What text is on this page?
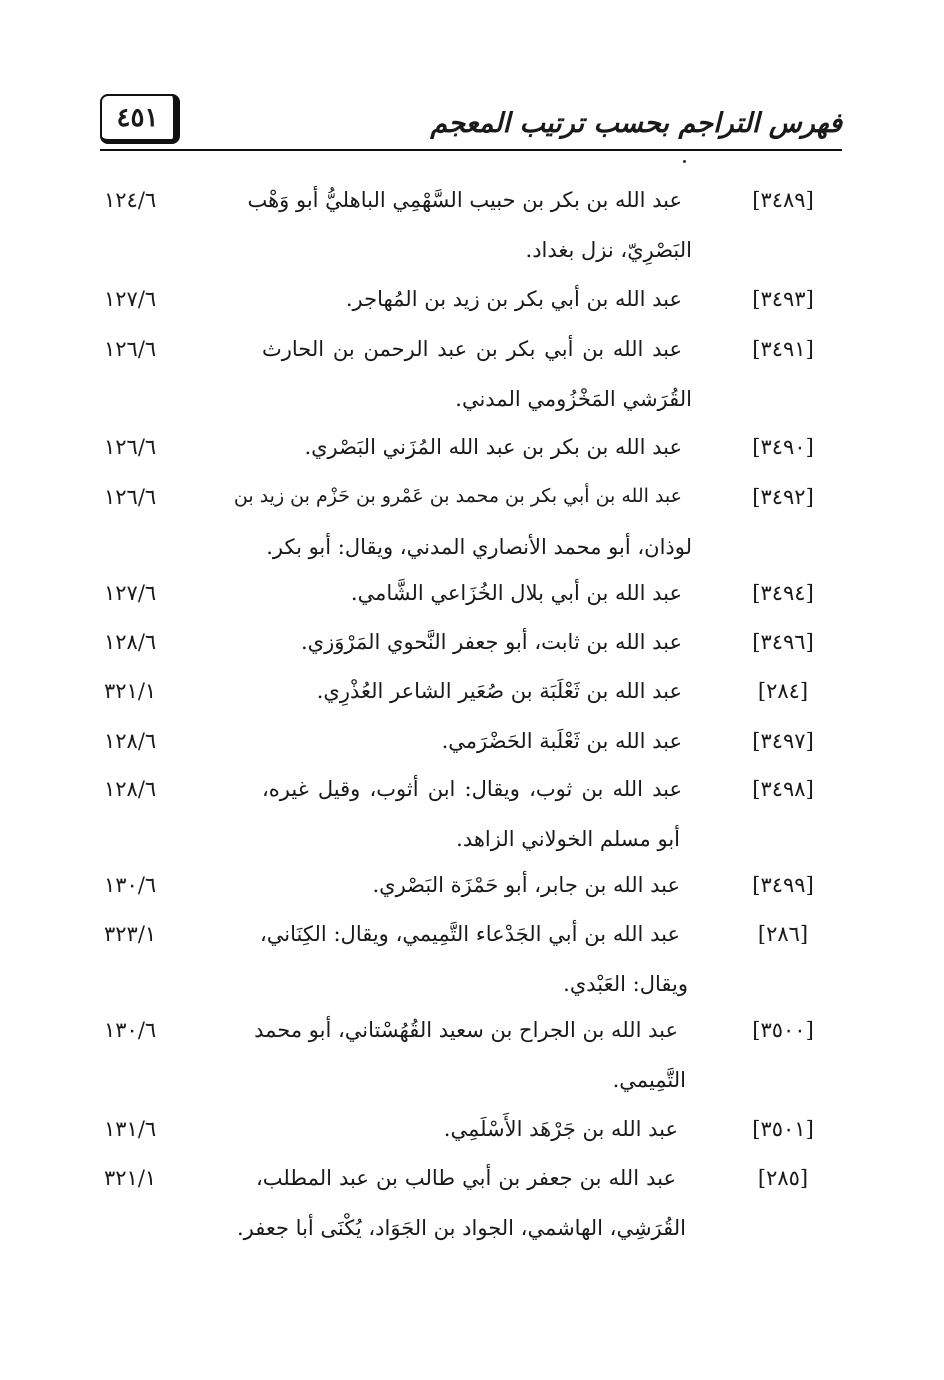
٤٥١	فهرس التراجم بحسب ترتيب المعجم
[٣٤٨٩]
عبد الله بن بكر بن حبيب السَّهْمِي الباهليُّ أبو وَهْب
١٢٤/٦
البَصْرِيّ، نزل بغداد.
[٣٤٩٣]
عبد الله بن أبي بكر بن زيد بن المُهاجر.
١٢٧/٦
[٣٤٩١]
عبد الله بن أبي بكر بن عبد الرحمن بن الحارث
١٢٦/٦
القُرَشي المَخْزُومي المدني.
[٣٤٩٠]
عبد الله بن بكر بن عبد الله المُزَني البَصْري.
١٢٦/٦
[٣٤٩٢]
عبد الله بن أبي بكر بن محمد بن عَمْرو بن حَزْم بن زيد بن
١٢٦/٦
لوذان، أبو محمد الأنصاري المدني، ويقال: أبو بكر.
[٣٤٩٤]
عبد الله بن أبي بلال الخُزَاعي الشَّامي.
١٢٧/٦
[٣٤٩٦]
عبد الله بن ثابت، أبو جعفر النَّحوي المَرْوَزي.
١٢٨/٦
[٢٨٤]
عبد الله بن ثَعْلَبَة بن صُعَير الشاعر العُذْرِي.
٣٢١/١
[٣٤٩٧]
عبد الله بن ثَعْلَبة الحَضْرَمي.
١٢٨/٦
[٣٤٩٨]
عبد الله بن ثوب، ويقال: ابن أثوب، وقيل غيره،
١٢٨/٦
أبو مسلم الخولاني الزاهد.
[٣٤٩٩]
عبد الله بن جابر، أبو حَمْزَة البَصْري.
١٣٠/٦
[٢٨٦]
عبد الله بن أبي الجَدْعاء التَّمِيمي، ويقال: الكِنَاني،
٣٢٣/١
ويقال: العَبْدي.
[٣٥٠٠]
عبد الله بن الجراح بن سعيد القُهُسْتاني، أبو محمد
١٣٠/٦
التَّمِيمي.
[٣٥٠١]
عبد الله بن جَرْهَد الأَسْلَمِي.
١٣١/٦
[٢٨٥]
عبد الله بن جعفر بن أبي طالب بن عبد المطلب،
٣٢١/١
القُرَشِي، الهاشمي، الجواد بن الجَوَاد، يُكْنَى أبا جعفر.
